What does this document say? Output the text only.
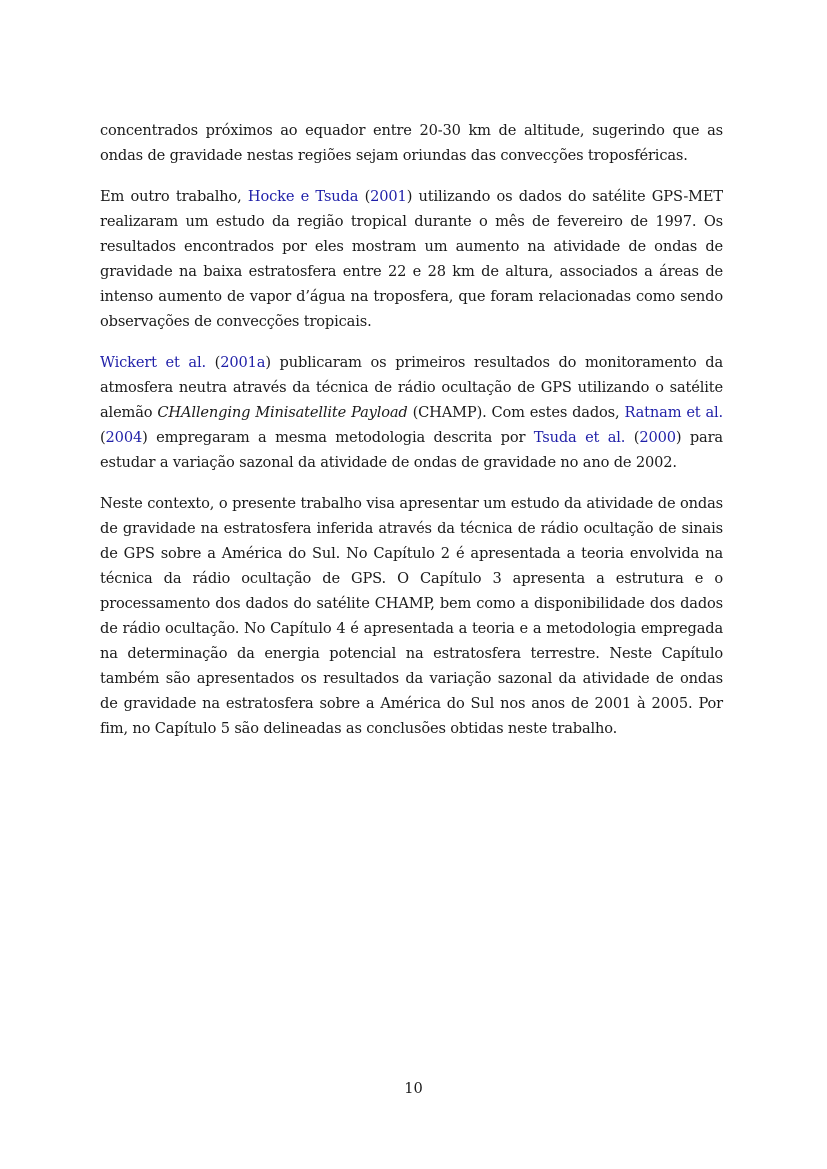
concentrados próximos ao equador entre 20-30 km de altitude, sugerindo que as ondas de gravidade nestas regiões sejam oriundas das convecções troposféricas.

Em outro trabalho, Hocke e Tsuda (2001) utilizando os dados do satélite GPS-MET realizaram um estudo da região tropical durante o mês de fevereiro de 1997. Os resultados encontrados por eles mostram um aumento na atividade de ondas de gravidade na baixa estratosfera entre 22 e 28 km de altura, associados a áreas de intenso aumento de vapor d’água na troposfera, que foram relacionadas como sendo observações de convecções tropicais.

Wickert et al. (2001a) publicaram os primeiros resultados do monitoramento da atmosfera neutra através da técnica de rádio ocultação de GPS utilizando o satélite alemão CHAllenging Minisatellite Payload (CHAMP). Com estes dados, Ratnam et al. (2004) empregaram a mesma metodologia descrita por Tsuda et al. (2000) para estudar a variação sazonal da atividade de ondas de gravidade no ano de 2002.

Neste contexto, o presente trabalho visa apresentar um estudo da atividade de ondas de gravidade na estratosfera inferida através da técnica de rádio ocultação de sinais de GPS sobre a América do Sul. No Capítulo 2 é apresentada a teoria envolvida na técnica da rádio ocultação de GPS. O Capítulo 3 apresenta a estrutura e o processamento dos dados do satélite CHAMP, bem como a disponibilidade dos dados de rádio ocultação. No Capítulo 4 é apresentada a teoria e a metodologia empregada na determinação da energia potencial na estratosfera terrestre. Neste Capítulo também são apresentados os resultados da variação sazonal da atividade de ondas de gravidade na estratosfera sobre a América do Sul nos anos de 2001 à 2005. Por fim, no Capítulo 5 são delineadas as conclusões obtidas neste trabalho.

10
